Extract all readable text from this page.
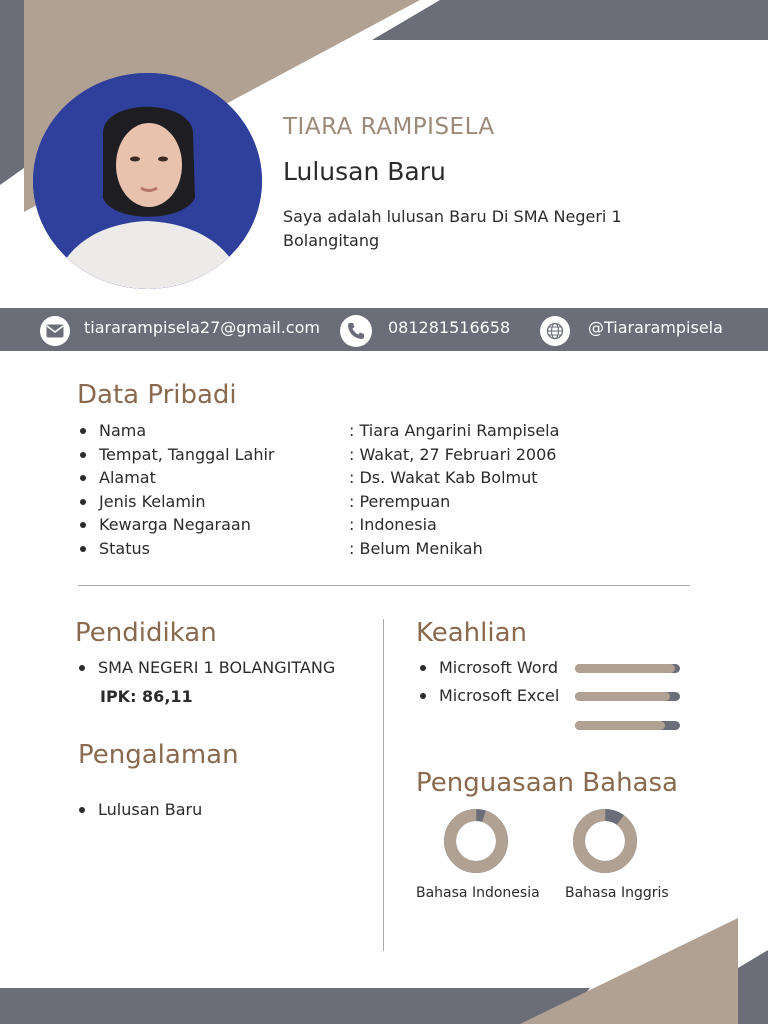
TIARA RAMPISELA
Lulusan Baru
Saya adalah lulusan Baru Di SMA Negeri 1 Bolangitang
tiararampisela27@gmail.com	081281516658	@Tiararampisela
Data Pribadi
Nama	: Tiara Angarini Rampisela
Tempat, Tanggal Lahir	: Wakat, 27 Februari 2006
Alamat	: Ds. Wakat Kab Bolmut
Jenis Kelamin	: Perempuan
Kewarga Negaraan	: Indonesia
Status	: Belum Menikah
Pendidikan
SMA NEGERI 1 BOLANGITANG
IPK: 86,11
Pengalaman
Lulusan Baru
Keahlian
Microsoft Word
Microsoft Excel
Penguasaan Bahasa
Bahasa Indonesia Bahasa Inggris
